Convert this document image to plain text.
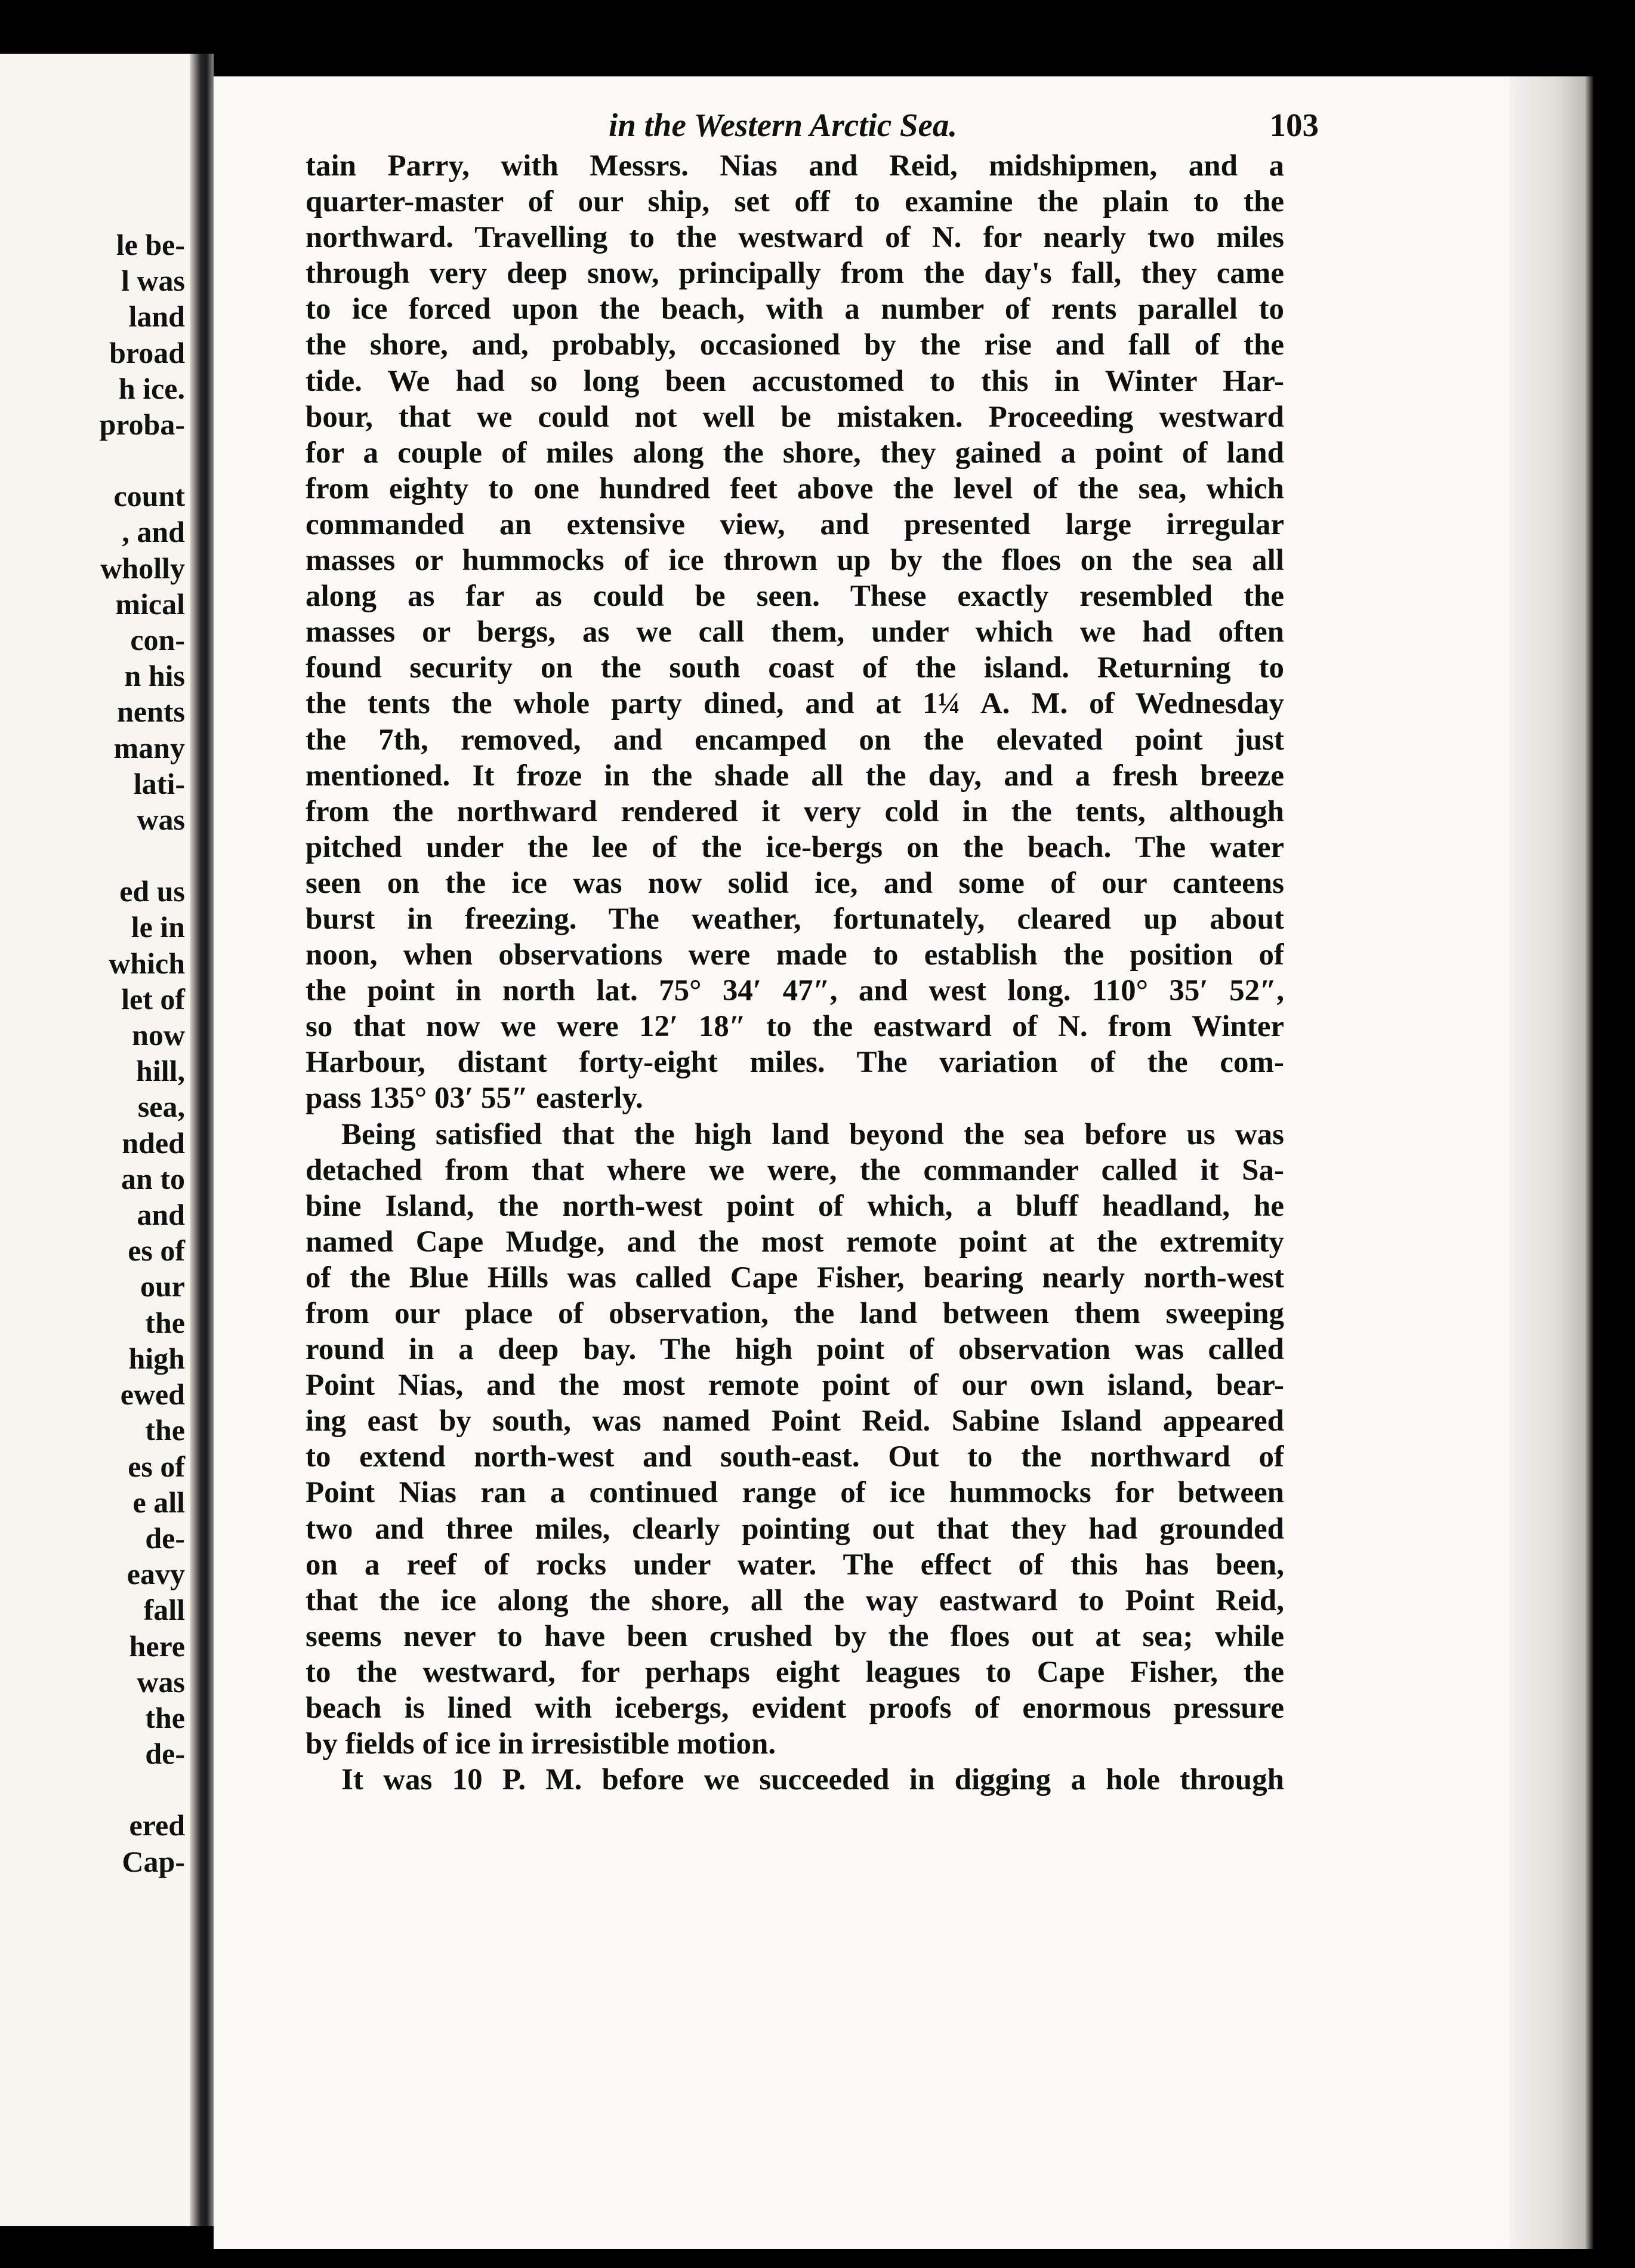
le be-
l was
land
broad
h ice.
proba-
count
, and
wholly
mical
con-
n his
nents
many
lati-
was
ed us
le in
which
let of
now
hill,
sea,
nded
an to
and
es of
our
the
high
ewed
the
es of
e all
de-
eavy
fall
here
was
the
de-
ered
Cap-
in the Western Arctic Sea.	103
tain Parry, with Messrs. Nias and Reid, midshipmen, and a
quarter-master of our ship, set off to examine the plain to the
northward. Travelling to the westward of N. for nearly two miles
through very deep snow, principally from the day's fall, they came
to ice forced upon the beach, with a number of rents parallel to
the shore, and, probably, occasioned by the rise and fall of the
tide. We had so long been accustomed to this in Winter Har-
bour, that we could not well be mistaken. Proceeding westward
for a couple of miles along the shore, they gained a point of land
from eighty to one hundred feet above the level of the sea, which
commanded an extensive view, and presented large irregular
masses or hummocks of ice thrown up by the floes on the sea all
along as far as could be seen. These exactly resembled the
masses or bergs, as we call them, under which we had often
found security on the south coast of the island. Returning to
the tents the whole party dined, and at 1¼ A. M. of Wednesday
the 7th, removed, and encamped on the elevated point just
mentioned. It froze in the shade all the day, and a fresh breeze
from the northward rendered it very cold in the tents, although
pitched under the lee of the ice-bergs on the beach. The water
seen on the ice was now solid ice, and some of our canteens
burst in freezing. The weather, fortunately, cleared up about
noon, when observations were made to establish the position of
the point in north lat. 75° 34′ 47″, and west long. 110° 35′ 52″,
so that now we were 12′ 18″ to the eastward of N. from Winter
Harbour, distant forty-eight miles. The variation of the com-
pass 135° 03′ 55″ easterly.
Being satisfied that the high land beyond the sea before us was
detached from that where we were, the commander called it Sa-
bine Island, the north-west point of which, a bluff headland, he
named Cape Mudge, and the most remote point at the extremity
of the Blue Hills was called Cape Fisher, bearing nearly north-west
from our place of observation, the land between them sweeping
round in a deep bay. The high point of observation was called
Point Nias, and the most remote point of our own island, bear-
ing east by south, was named Point Reid. Sabine Island appeared
to extend north-west and south-east. Out to the northward of
Point Nias ran a continued range of ice hummocks for between
two and three miles, clearly pointing out that they had grounded
on a reef of rocks under water. The effect of this has been,
that the ice along the shore, all the way eastward to Point Reid,
seems never to have been crushed by the floes out at sea; while
to the westward, for perhaps eight leagues to Cape Fisher, the
beach is lined with icebergs, evident proofs of enormous pressure
by fields of ice in irresistible motion.
It was 10 P. M. before we succeeded in digging a hole through
